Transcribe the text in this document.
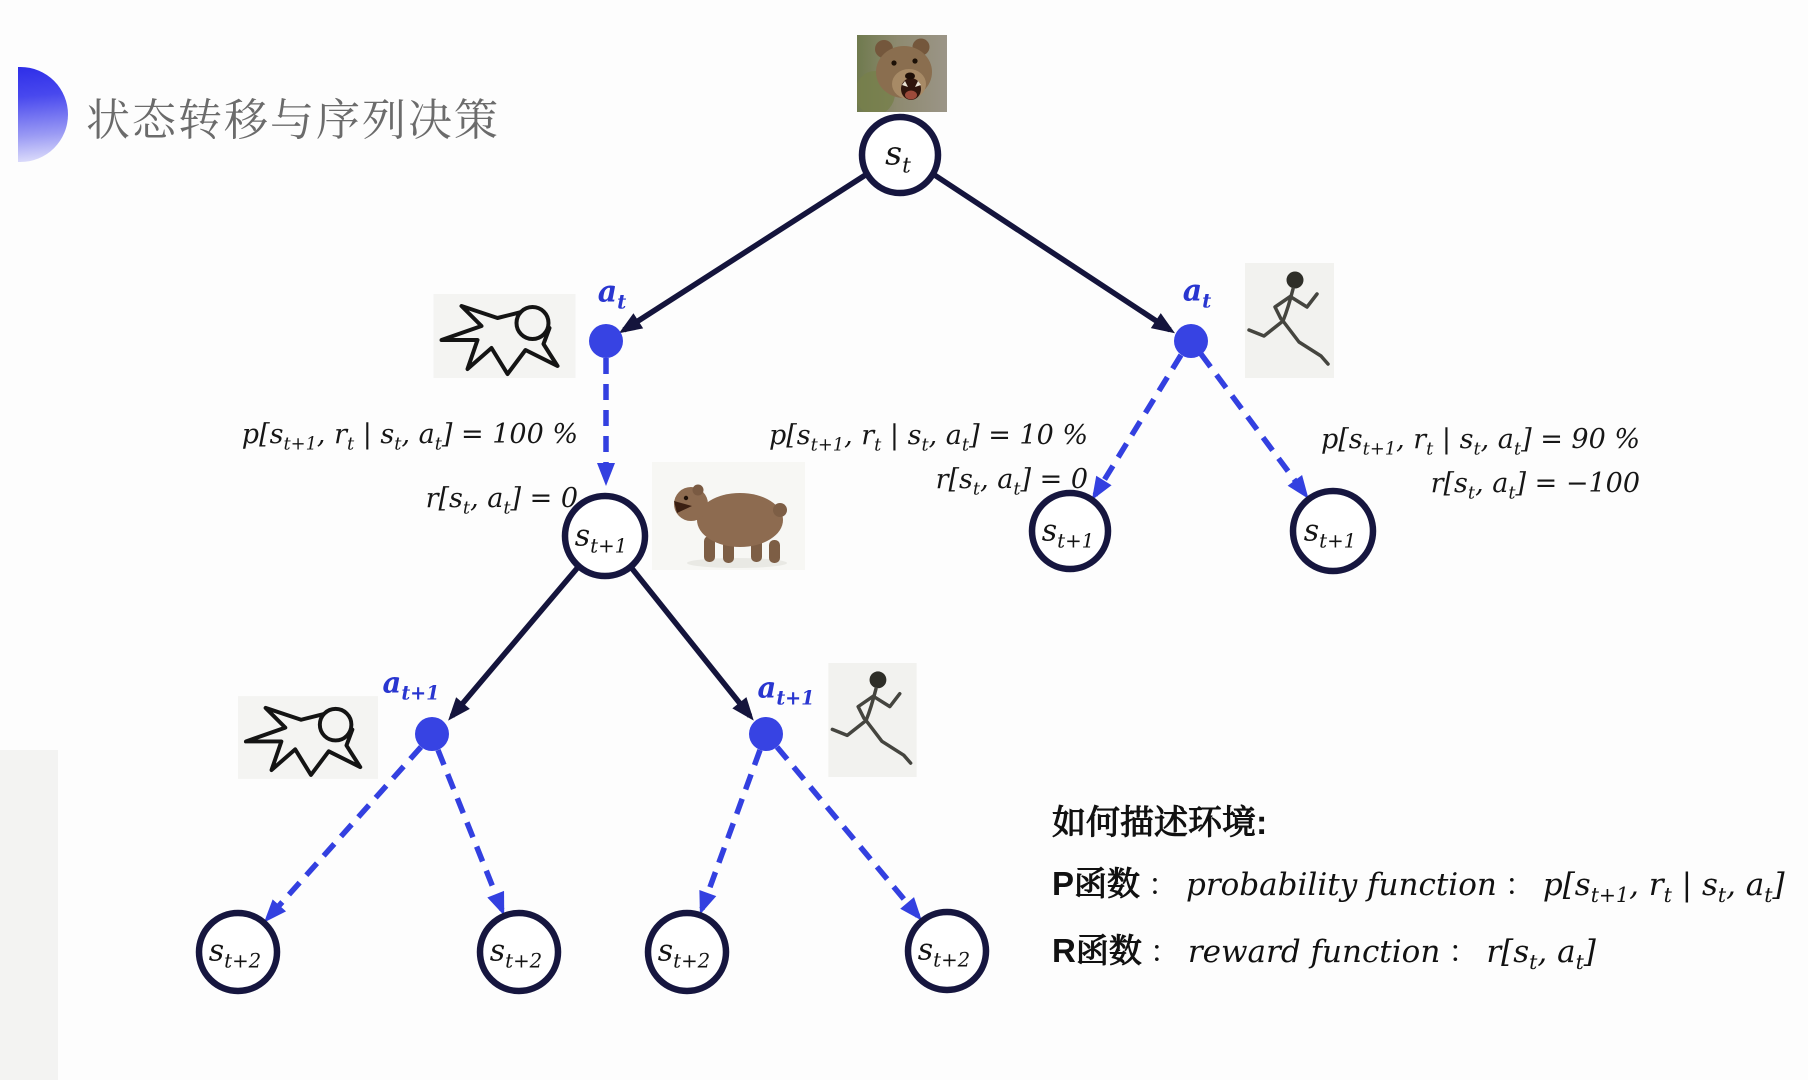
状态转移与序列决策
$s_t$
$s_{t+1}$	$s_{t+1}$	$s_{t+1}$
$s_{t+2}$	$s_{t+2}$	$s_{t+2}$	$s_{t+2}$
$a_t$	$a_t$
$a_{t+1}$	$a_{t+1}$
$p[s_{t+1}$, $r_t$ | $s_t$, $a_t] = 100$ %
$r[s_t$, $a_t] = 0$
$p[s_{t+1}$, $r_t$ | $s_t$, $a_t] = 10$ %
$r[s_t$, $a_t] = 0$
$p[s_{t+1}$, $r_t$ | $s_t$, $a_t] = 90$ %
$r[s_t$, $a_t] = -100$
如何描述环境:
P函数 ： probability function ： $p[s_{t+1}$, $r_t$ | $s_t$, $a_t$]
R函数 ： reward function ： $r[s_t$, $a_t$]
